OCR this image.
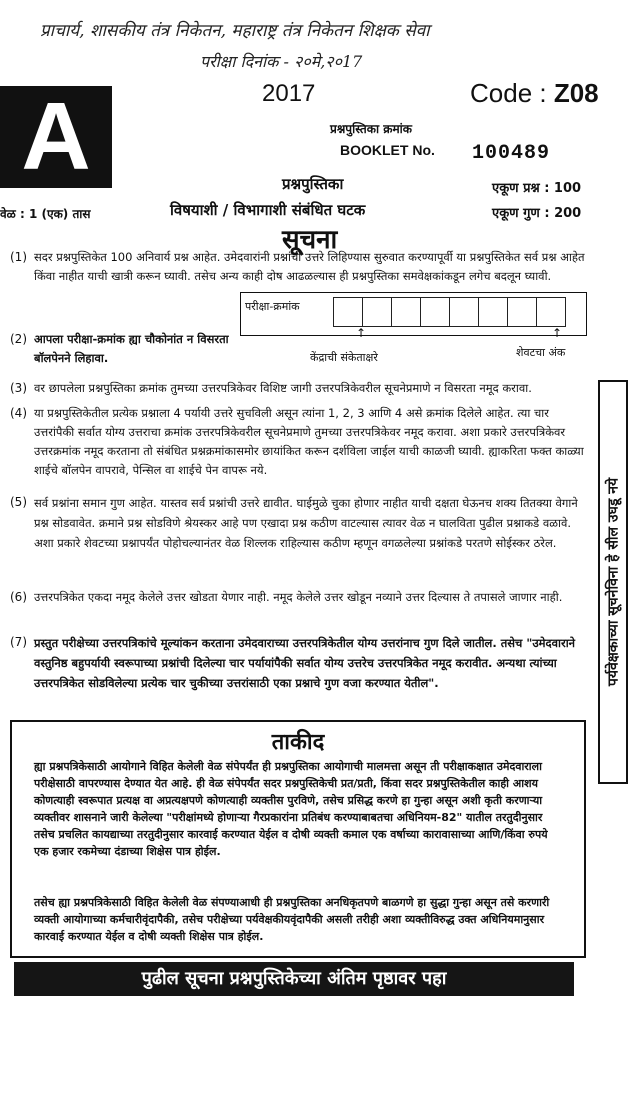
प्राचार्य, शासकीय तंत्र निकेतन, महाराष्ट्र तंत्र निकेतन शिक्षक सेवा
परीक्षा दिनांक - २०मे,२०17
A	2017	Code : Z08
प्रश्नपुस्तिका क्रमांक
BOOKLET No. 100489
प्रश्नपुस्तिका
विषयाशी / विभागाशी संबंधित घटक
वेळ : 1 (एक) तास
एकूण प्रश्न : 100
एकूण गुण : 200
सूचना
(1) सदर प्रश्नपुस्तिकेत 100 अनिवार्य प्रश्न आहेत. उमेदवारांनी प्रश्नांची उत्तरे लिहिण्यास सुरुवात करण्यापूर्वी या प्रश्नपुस्तिकेत सर्व प्रश्न आहेत किंवा नाहीत याची खात्री करून घ्यावी. तसेच अन्य काही दोष आढळल्यास ही प्रश्नपुस्तिका समवेक्षकांकडून लगेच बदलून घ्यावी.
परीक्षा-क्रमांक

↑	↑
केंद्राची संकेताक्षरे	शेवटचा अंक
(2) आपला परीक्षा-क्रमांक ह्या चौकोनांत न विसरता बॉलपेनने लिहावा.
(3) वर छापलेला प्रश्नपुस्तिका क्रमांक तुमच्या उत्तरपत्रिकेवर विशिष्ट जागी उत्तरपत्रिकेवरील सूचनेप्रमाणे न विसरता नमूद करावा.
(4) या प्रश्नपुस्तिकेतील प्रत्येक प्रश्नाला 4 पर्यायी उत्तरे सुचविली असून त्यांना 1, 2, 3 आणि 4 असे क्रमांक दिलेले आहेत. त्या चार उत्तरांपैकी सर्वात योग्य उत्तराचा क्रमांक उत्तरपत्रिकेवरील सूचनेप्रमाणे तुमच्या उत्तरपत्रिकेवर नमूद करावा. अशा प्रकारे उत्तरपत्रिकेवर उत्तरक्रमांक नमूद करताना तो संबंधित प्रश्नक्रमांकासमोर छायांकित करून दर्शविला जाईल याची काळजी घ्यावी. ह्याकरिता फक्त काळ्या शाईचे बॉलपेन वापरावे, पेन्सिल वा शाईचे पेन वापरू नये.
(5) सर्व प्रश्नांना समान गुण आहेत. यास्तव सर्व प्रश्नांची उत्तरे द्यावीत. घाईमुळे चुका होणार नाहीत याची दक्षता घेऊनच शक्य तितक्या वेगाने प्रश्न सोडवावेत. क्रमाने प्रश्न सोडविणे श्रेयस्कर आहे पण एखादा प्रश्न कठीण वाटल्यास त्यावर वेळ न घालविता पुढील प्रश्नाकडे वळावे. अशा प्रकारे शेवटच्या प्रश्नापर्यंत पोहोचल्यानंतर वेळ शिल्लक राहिल्यास कठीण म्हणून वगळलेल्या प्रश्नांकडे परतणे सोईस्कर ठरेल.
(6) उत्तरपत्रिकेत एकदा नमूद केलेले उत्तर खोडता येणार नाही. नमूद केलेले उत्तर खोडून नव्याने उत्तर दिल्यास ते तपासले जाणार नाही.
(7) प्रस्तुत परीक्षेच्या उत्तरपत्रिकांचे मूल्यांकन करताना उमेदवाराच्या उत्तरपत्रिकेतील योग्य उत्तरांनाच गुण दिले जातील. तसेच "उमेदवाराने वस्तुनिष्ठ बहुपर्यायी स्वरूपाच्या प्रश्नांची दिलेल्या चार पर्यायांपैकी सर्वात योग्य उत्तरेच उत्तरपत्रिकेत नमूद करावीत. अन्यथा त्यांच्या उत्तरपत्रिकेत सोडविलेल्या प्रत्येक चार चुकीच्या उत्तरांसाठी एका प्रश्नाचे गुण वजा करण्यात येतील".	पर्यवेक्षकाच्या सूचनेविना हे सील उघडू नये
ताकीद
ह्या प्रश्नपत्रिकेसाठी आयोगाने विहित केलेली वेळ संपेपर्यंत ही प्रश्नपुस्तिका आयोगाची मालमत्ता असून ती परीक्षाकक्षात उमेदवाराला परीक्षेसाठी वापरण्यास देण्यात येत आहे. ही वेळ संपेपर्यंत सदर प्रश्नपुस्तिकेची प्रत/प्रती, किंवा सदर प्रश्नपुस्तिकेतील काही आशय कोणत्याही स्वरूपात प्रत्यक्ष वा अप्रत्यक्षपणे कोणत्याही व्यक्तीस पुरविणे, तसेच प्रसिद्ध करणे हा गुन्हा असून अशी कृती करणाऱ्या व्यक्तीवर शासनाने जारी केलेल्या "परीक्षांमध्ये होणाऱ्या गैरप्रकारांना प्रतिबंध करण्याबाबतचा अधिनियम-82" यातील तरतुदीनुसार तसेच प्रचलित कायद्याच्या तरतुदीनुसार कारवाई करण्यात येईल व दोषी व्यक्ती कमाल एक वर्षाच्या कारावासाच्या आणि/किंवा रुपये एक हजार रकमेच्या दंडाच्या शिक्षेस पात्र होईल.
तसेच ह्या प्रश्नपत्रिकेसाठी विहित केलेली वेळ संपण्याआधी ही प्रश्नपुस्तिका अनधिकृतपणे बाळगणे हा सुद्धा गुन्हा असून तसे करणारी व्यक्ती आयोगाच्या कर्मचारीवृंदापैकी, तसेच परीक्षेच्या पर्यवेक्षकीयवृंदापैकी असली तरीही अशा व्यक्तीविरुद्ध उक्त अधिनियमानुसार कारवाई करण्यात येईल व दोषी व्यक्ती शिक्षेस पात्र होईल.
पुढील सूचना प्रश्नपुस्तिकेच्या अंतिम पृष्ठावर पहा
